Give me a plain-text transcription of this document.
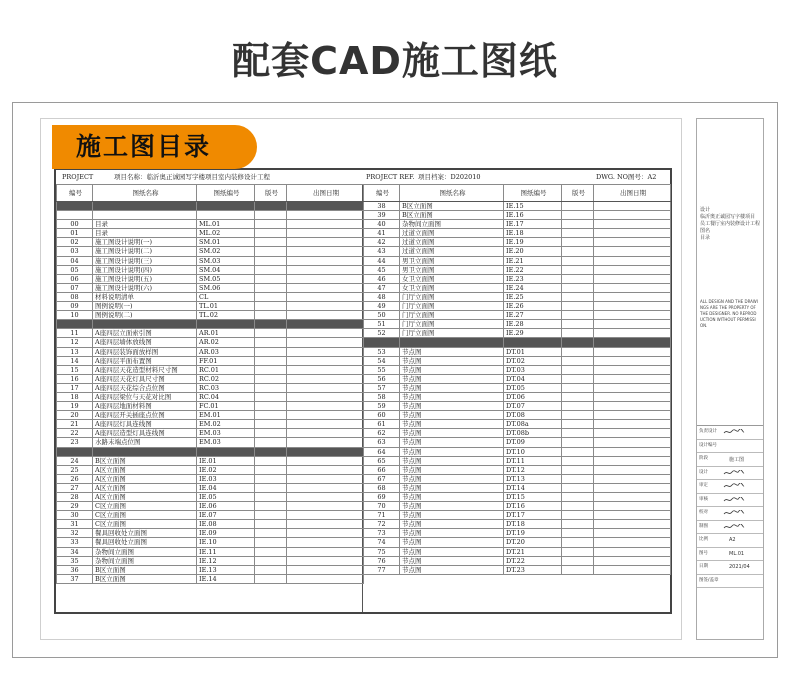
配套CAD施工图纸
PROJECT	项目名称：临沂奥正诚园写字楼项目室内装修设计工程	PROJECT REF. 项目档案：D202010	DWG. NO.
图号：A2
编号	图纸名称	图纸编号	版号	出图日期

00	目录	ML.01		
01	目录	ML.02		
02	施工图设计说明(一)	SM.01		
03	施工图设计说明(二)	SM.02		
04	施工图设计说明(三)	SM.03		
05	施工图设计说明(四)	SM.04		
06	施工图设计说明(五)	SM.05		
07	施工图设计说明(六)	SM.06		
08	材料说明清单	CL		
09	图例说明(一)	TL.01		
10	图例说明(二)	TL.02		

11	A座四层立面索引图	AR.01		
12	A座四层墙体放线图	AR.02		
13	A座四层装饰面放样图	AR.03		
14	A座四层平面布置图	FF.01		
15	A座四层天花造型材料尺寸图	RC.01		
16	A座四层天花灯具尺寸图	RC.02		
17	A座四层天花综合点位图	RC.03		
18	A座四层梁位与天花对比图	RC.04		
19	A座四层地面材料图	FC.01		
20	A座四层开关插座点位图	EM.01		
21	A座四层灯具连线图	EM.02		
22	A座四层造型灯具连线图	EM.03		
23	水路末端点位图	EM.03		

24	B区立面图	IE.01		
25	A区立面图	IE.02		
26	A区立面图	IE.03		
27	A区立面图	IE.04		
28	A区立面图	IE.05		
29	C区立面图	IE.06		
30	C区立面图	IE.07		
31	C区立面图	IE.08		
32	餐具回收处立面图	IE.09		
33	餐具回收处立面图	IE.10		
34	杂物间立面图	IE.11		
35	杂物间立面图	IE.12		
36	B区立面图	IE.13		
37	B区立面图	IE.14		
编号	图纸名称	图纸编号	版号	出图日期
38	B区立面图	IE.15		
39	B区立面图	IE.16		
40	杂物间立面图	IE.17		
41	过道立面图	IE.18		
42	过道立面图	IE.19		
43	过道立面图	IE.20		
44	男卫立面图	IE.21		
45	男卫立面图	IE.22		
46	女卫立面图	IE.23		
47	女卫立面图	IE.24		
48	门厅立面图	IE.25		
49	门厅立面图	IE.26		
50	门厅立面图	IE.27		
51	门厅立面图	IE.28		
52	门厅立面图	IE.29		

53	节点图	DT.01		
54	节点图	DT.02		
55	节点图	DT.03		
56	节点图	DT.04		
57	节点图	DT.05		
58	节点图	DT.06		
59	节点图	DT.07		
60	节点图	DT.08		
61	节点图	DT.08a		
62	节点图	DT.08b		
63	节点图	DT.09		
64	节点图	DT.10		
65	节点图	DT.11		
66	节点图	DT.12		
67	节点图	DT.13		
68	节点图	DT.14		
69	节点图	DT.15		
70	节点图	DT.16		
71	节点图	DT.17		
72	节点图	DT.18		
73	节点图	DT.19		
74	节点图	DT.20		
75	节点图	DT.21		
76	节点图	DT.22		
77	节点图	DT.23		
施工图目录
设计
临沂奥正诚园写字楼项目
员工餐厅室内装修设计工程
图名
目录
ALL DESIGN AND THE DRAWINGS ARE THE PROPERTY OF THE DESIGNER. NO REPRODUCTION WITHOUT PERMISSION.
负责设计
设计编号
阶段	施工图
设计
审定
审核
校对
制图
比例	A2
图号	ML.01
日期	2021/04
图签/盖章
